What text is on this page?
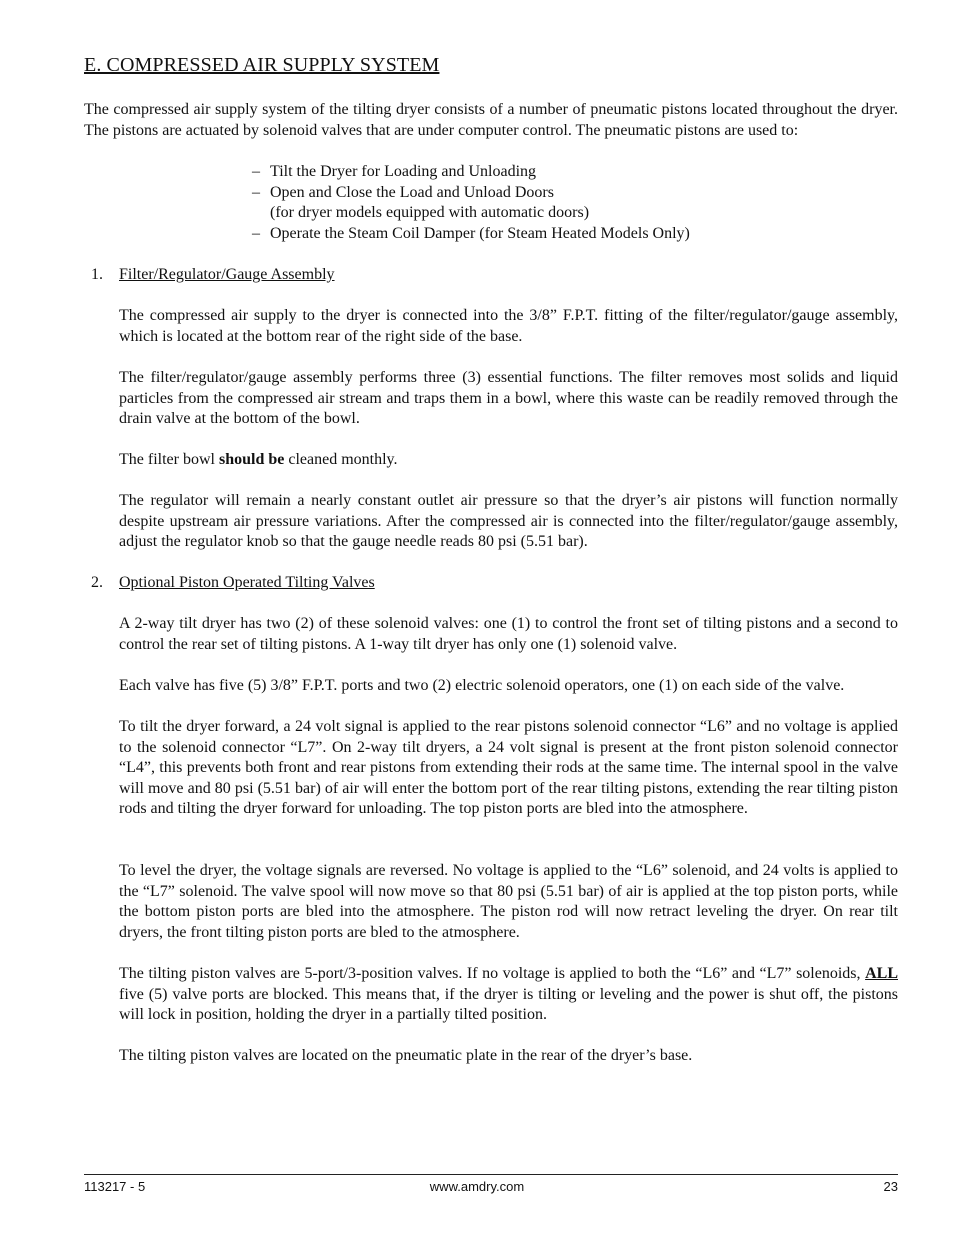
E. COMPRESSED AIR SUPPLY SYSTEM

The compressed air supply system of the tilting dryer consists of a number of pneumatic pistons located throughout the dryer. The pistons are actuated by solenoid valves that are under computer control. The pneumatic pistons are used to:

– Tilt the Dryer for Loading and Unloading
– Open and Close the Load and Unload Doors
(for dryer models equipped with automatic doors)
– Operate the Steam Coil Damper (for Steam Heated Models Only)
1. Filter/Regulator/Gauge Assembly

The compressed air supply to the dryer is connected into the 3/8” F.P.T. fitting of the filter/regulator/gauge assembly, which is located at the bottom rear of the right side of the base.

The filter/regulator/gauge assembly performs three (3) essential functions. The filter removes most solids and liquid particles from the compressed air stream and traps them in a bowl, where this waste can be readily removed through the drain valve at the bottom of the bowl.

The filter bowl should be cleaned monthly.

The regulator will remain a nearly constant outlet air pressure so that the dryer’s air pistons will function normally despite upstream air pressure variations. After the compressed air is connected into the filter/regulator/gauge assembly, adjust the regulator knob so that the gauge needle reads 80 psi (5.51 bar).

2. Optional Piston Operated Tilting Valves

A 2-way tilt dryer has two (2) of these solenoid valves: one (1) to control the front set of tilting pistons and a second to control the rear set of tilting pistons. A 1-way tilt dryer has only one (1) solenoid valve.

Each valve has five (5) 3/8” F.P.T. ports and two (2) electric solenoid operators, one (1) on each side of the valve.

To tilt the dryer forward, a 24 volt signal is applied to the rear pistons solenoid connector “L6” and no voltage is applied to the solenoid connector “L7”. On 2-way tilt dryers, a 24 volt signal is present at the front piston solenoid connector “L4”, this prevents both front and rear pistons from extending their rods at the same time. The internal spool in the valve will move and 80 psi (5.51 bar) of air will enter the bottom port of the rear tilting pistons, extending the rear tilting piston rods and tilting the dryer forward for unloading. The top piston ports are bled into the atmosphere.

To level the dryer, the voltage signals are reversed. No voltage is applied to the “L6” solenoid, and 24 volts is applied to the “L7” solenoid. The valve spool will now move so that 80 psi (5.51 bar) of air is applied at the top piston ports, while the bottom piston ports are bled into the atmosphere. The piston rod will now retract leveling the dryer. On rear tilt dryers, the front tilting piston ports are bled to the atmosphere.

The tilting piston valves are 5-port/3-position valves. If no voltage is applied to both the “L6” and “L7” solenoids, ALL five (5) valve ports are blocked. This means that, if the dryer is tilting or leveling and the power is shut off, the pistons will lock in position, holding the dryer in a partially tilted position.

The tilting piston valves are located on the pneumatic plate in the rear of the dryer’s base.

113217 - 5	www.amdry.com	23
